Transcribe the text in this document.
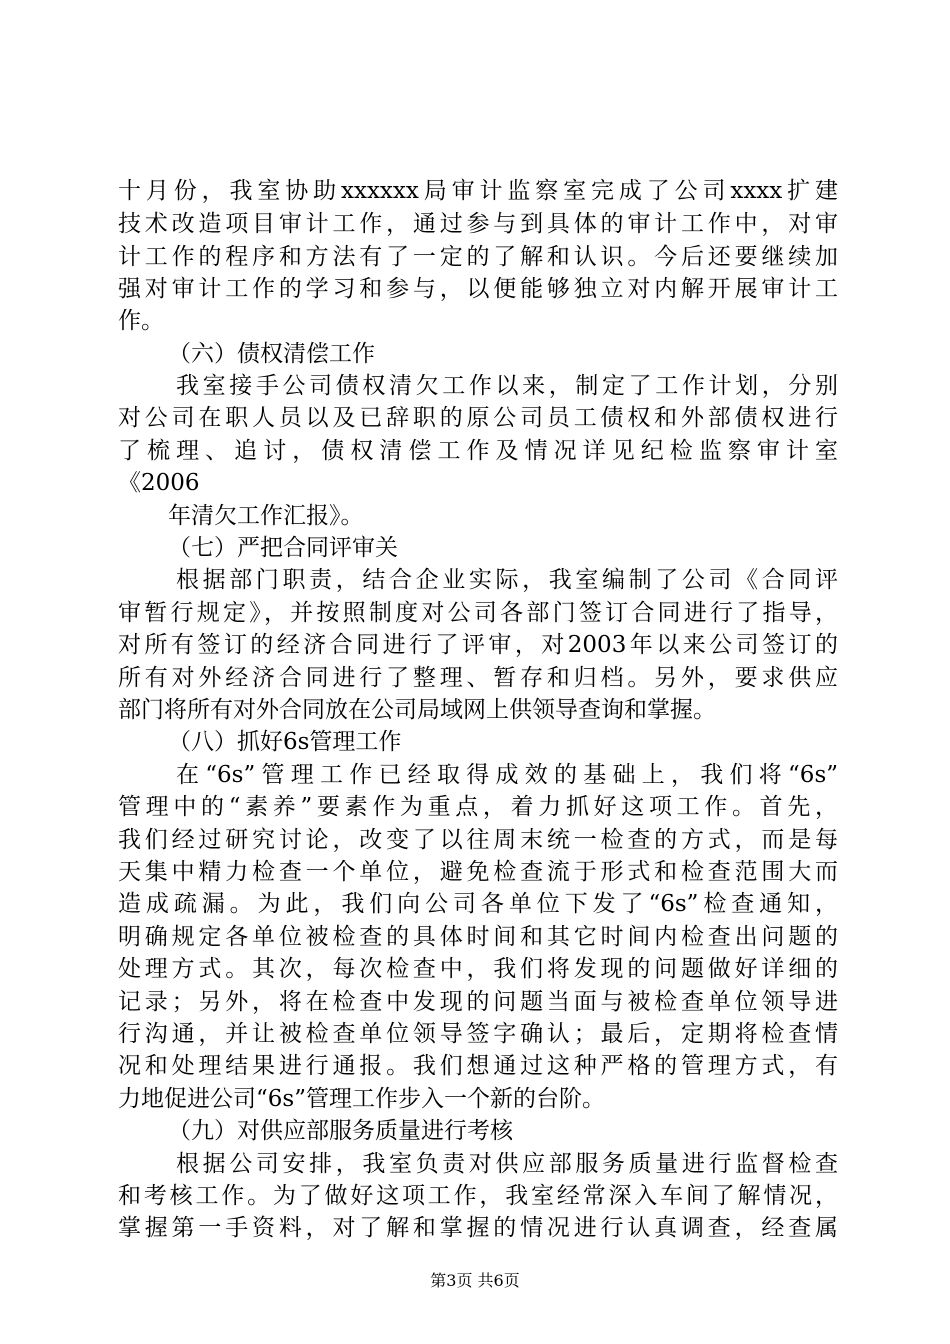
十月份，我室协助xxxxxx局审计监察室完成了公司xxxx扩建
技术改造项目审计工作，通过参与到具体的审计工作中，对审
计工作的程序和方法有了一定的了解和认识。今后还要继续加
强对审计工作的学习和参与，以便能够独立对内解开展审计工
作。
（六）债权清偿工作
我室接手公司债权清欠工作以来，制定了工作计划，分别
对公司在职人员以及已辞职的原公司员工债权和外部债权进行
了梳理、追讨，债权清偿工作及情况详见纪检监察审计室
《2006
年清欠工作汇报》。
（七）严把合同评审关
根据部门职责，结合企业实际，我室编制了公司《合同评
审暂行规定》，并按照制度对公司各部门签订合同进行了指导，
对所有签订的经济合同进行了评审，对2003年以来公司签订的
所有对外经济合同进行了整理、暂存和归档。另外，要求供应
部门将所有对外合同放在公司局域网上供领导查询和掌握。
（八）抓好6s管理工作
在“6s”管理工作已经取得成效的基础上，我们将“6s”
管理中的“素养”要素作为重点，着力抓好这项工作。首先，
我们经过研究讨论，改变了以往周末统一检查的方式，而是每
天集中精力检查一个单位，避免检查流于形式和检查范围大而
造成疏漏。为此，我们向公司各单位下发了“6s”检查通知，
明确规定各单位被检查的具体时间和其它时间内检查出问题的
处理方式。其次，每次检查中，我们将发现的问题做好详细的
记录；另外，将在检查中发现的问题当面与被检查单位领导进
行沟通，并让被检查单位领导签字确认；最后，定期将检查情
况和处理结果进行通报。我们想通过这种严格的管理方式，有
力地促进公司“6s”管理工作步入一个新的台阶。
（九）对供应部服务质量进行考核
根据公司安排，我室负责对供应部服务质量进行监督检查
和考核工作。为了做好这项工作，我室经常深入车间了解情况，
掌握第一手资料，对了解和掌握的情况进行认真调查，经查属
第3页 共6页
